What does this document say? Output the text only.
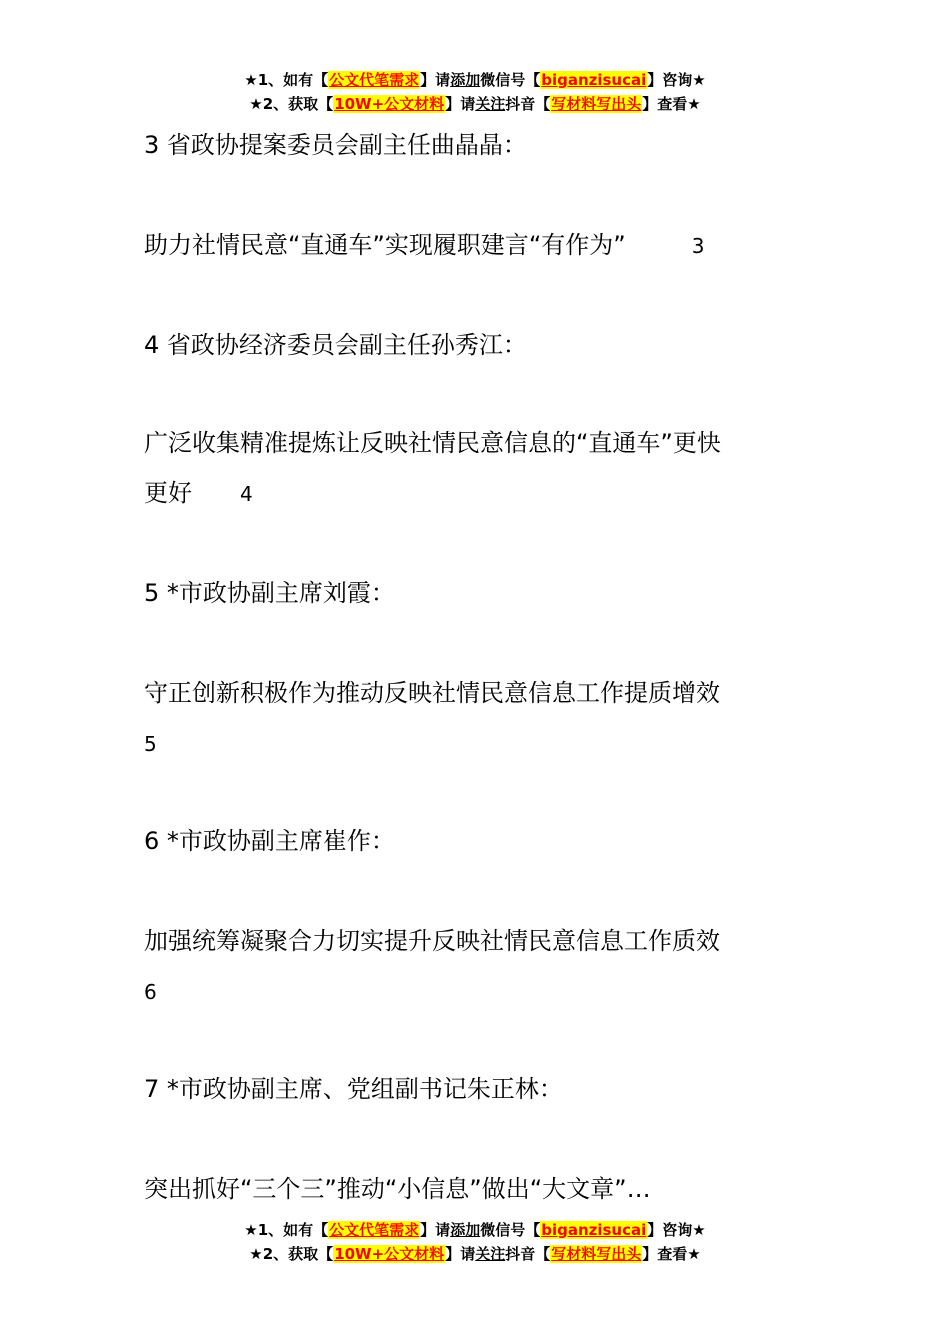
★1、如有【公文代笔需求】请添加微信号【biganzisucai】咨询★
★2、获取【10W+公文材料】请关注抖音【写材料写出头】查看★
3 省政协提案委员会副主任曲晶晶：
助力社情民意“直通车”实现履职建言“有作为”	3
4 省政协经济委员会副主任孙秀江：
广泛收集精准提炼让反映社情民意信息的“直通车”更快
更好 4
5 *市政协副主席刘霞：
守正创新积极作为推动反映社情民意信息工作提质增效
5
6 *市政协副主席崔作：
加强统筹凝聚合力切实提升反映社情民意信息工作质效
6
7 *市政协副主席、党组副书记朱正林：
突出抓好“三个三”推动“小信息”做出“大文章”…
★1、如有【公文代笔需求】请添加微信号【biganzisucai】咨询★
★2、获取【10W+公文材料】请关注抖音【写材料写出头】查看★
